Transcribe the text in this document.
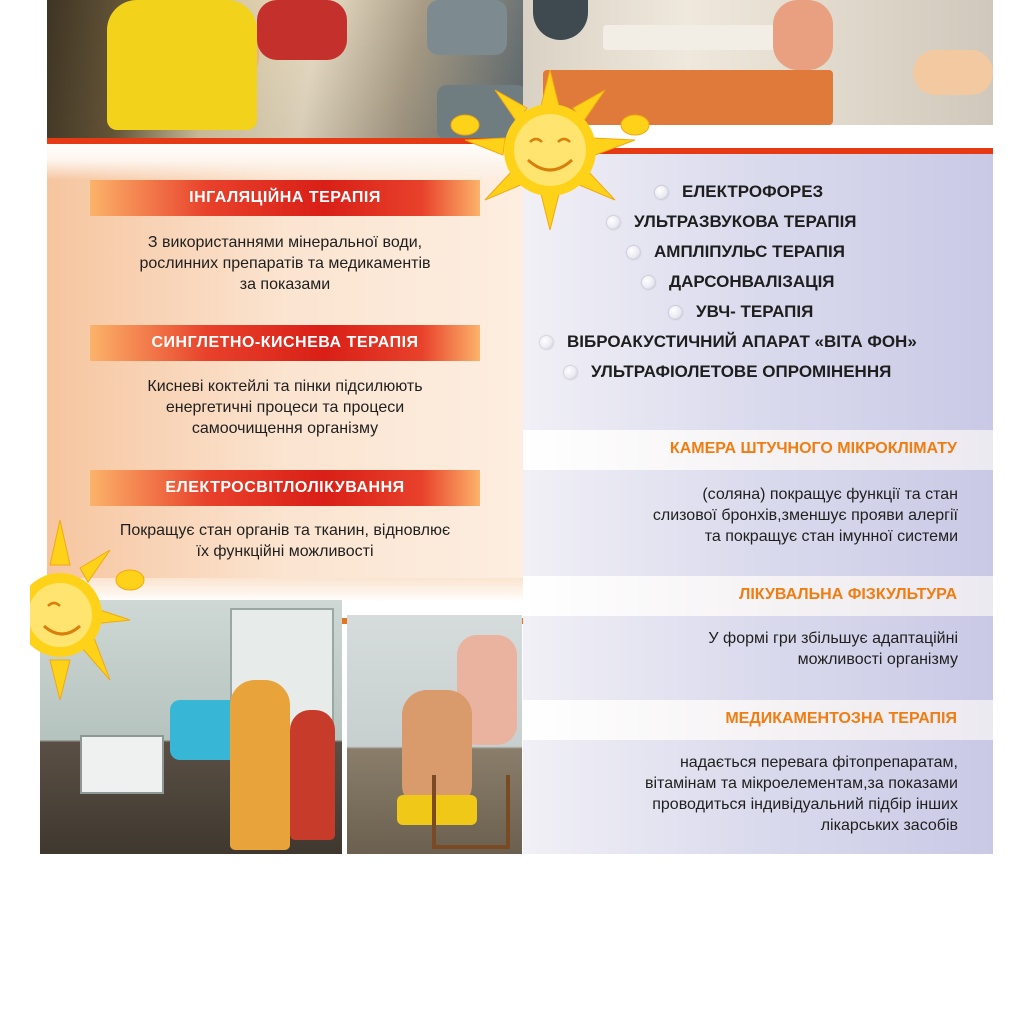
ІНГАЛЯЦІЙНА ТЕРАПІЯ
З використаннями мінеральної води,
рослинних препаратів та медикаментів
за показами
СИНГЛЕТНО-КИСНЕВА ТЕРАПІЯ
Кисневі коктейлі та пінки підсилюють
енергетичні процеси та процеси
самоочищення організму
ЕЛЕКТРОСВІТЛОЛІКУВАННЯ
Покращує стан органів та тканин, відновлює
їх функційні можливості
ЕЛЕКТРОФОРЕЗ
УЛЬТРАЗВУКОВА ТЕРАПІЯ
АМПЛІПУЛЬС ТЕРАПІЯ
ДАРСОНВАЛІЗАЦІЯ
УВЧ- ТЕРАПІЯ
ВІБРОАКУСТИЧНИЙ АПАРАТ «ВІТА ФОН»
УЛЬТРАФІОЛЕТОВЕ ОПРОМІНЕННЯ
КАМЕРА ШТУЧНОГО МІКРОКЛІМАТУ
(соляна) покращує функції та стан
слизової бронхів,зменшує прояви алергії
та покращує стан імунної системи
ЛІКУВАЛЬНА ФІЗКУЛЬТУРА
У формі гри збільшує адаптаційні
можливості організму
МЕДИКАМЕНТОЗНА ТЕРАПІЯ
надається перевага фітопрепаратам,
вітамінам та мікроелементам,за показами
проводиться індивідуальний підбір інших
лікарських засобів
